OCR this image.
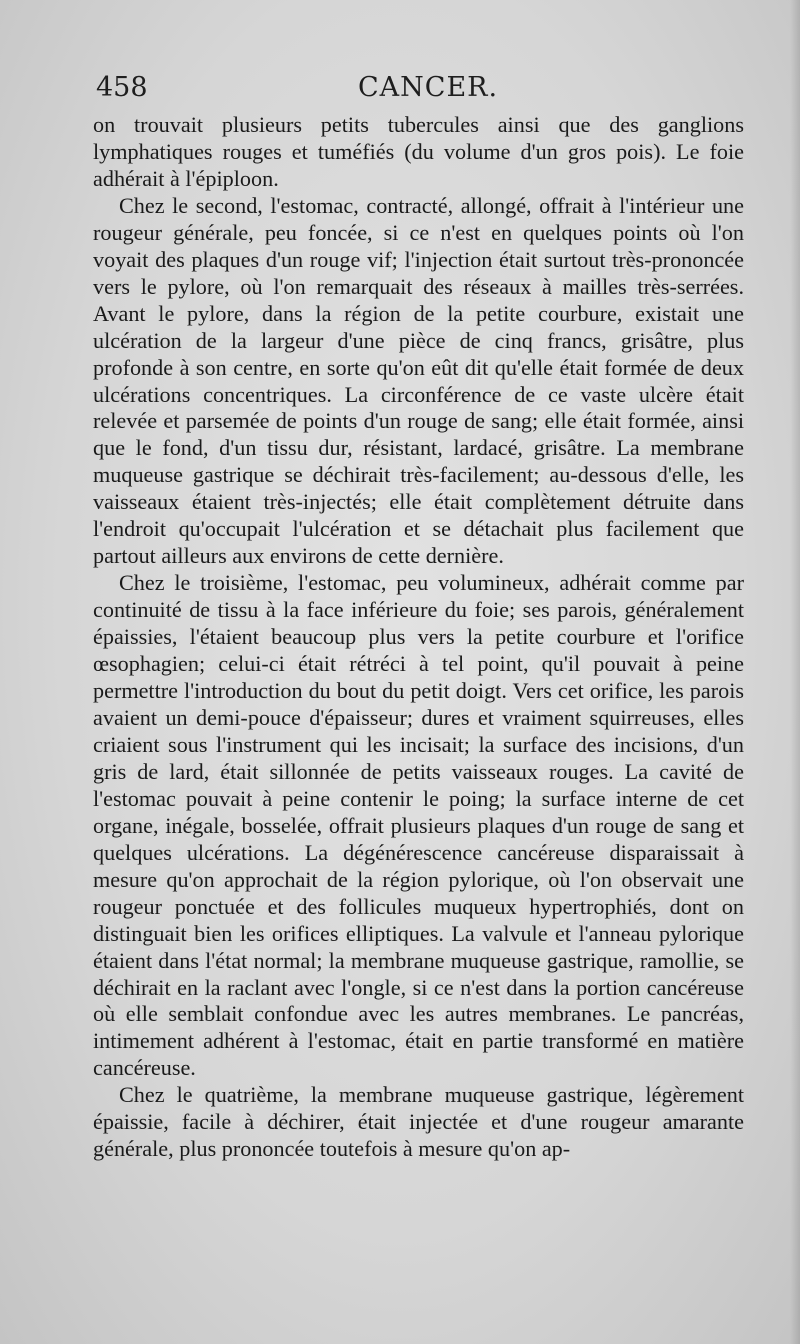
458	CANCER.

on trouvait plusieurs petits tubercules ainsi que des ganglions lymphatiques rouges et tuméfiés (du volume d'un gros pois). Le foie adhérait à l'épiploon.

Chez le second, l'estomac, contracté, allongé, offrait à l'intérieur une rougeur générale, peu foncée, si ce n'est en quelques points où l'on voyait des plaques d'un rouge vif; l'injection était surtout très-prononcée vers le pylore, où l'on remarquait des réseaux à mailles très-serrées. Avant le pylore, dans la région de la petite courbure, existait une ulcération de la largeur d'une pièce de cinq francs, grisâtre, plus profonde à son centre, en sorte qu'on eût dit qu'elle était formée de deux ulcérations concentriques. La circonférence de ce vaste ulcère était relevée et parsemée de points d'un rouge de sang; elle était formée, ainsi que le fond, d'un tissu dur, résistant, lardacé, grisâtre. La membrane muqueuse gastrique se déchirait très-facilement; au-dessous d'elle, les vaisseaux étaient très-injectés; elle était complètement détruite dans l'endroit qu'occupait l'ulcération et se détachait plus facilement que partout ailleurs aux environs de cette dernière.

Chez le troisième, l'estomac, peu volumineux, adhérait comme par continuité de tissu à la face inférieure du foie; ses parois, généralement épaissies, l'étaient beaucoup plus vers la petite courbure et l'orifice œsophagien; celui-ci était rétréci à tel point, qu'il pouvait à peine permettre l'introduction du bout du petit doigt. Vers cet orifice, les parois avaient un demi-pouce d'épaisseur; dures et vraiment squirreuses, elles criaient sous l'instrument qui les incisait; la surface des incisions, d'un gris de lard, était sillonnée de petits vaisseaux rouges. La cavité de l'estomac pouvait à peine contenir le poing; la surface interne de cet organe, inégale, bosselée, offrait plusieurs plaques d'un rouge de sang et quelques ulcérations. La dégénérescence cancéreuse disparaissait à mesure qu'on approchait de la région pylorique, où l'on observait une rougeur ponctuée et des follicules muqueux hypertrophiés, dont on distinguait bien les orifices elliptiques. La valvule et l'anneau pylorique étaient dans l'état normal; la membrane muqueuse gastrique, ramollie, se déchirait en la raclant avec l'ongle, si ce n'est dans la portion cancéreuse où elle semblait confondue avec les autres membranes. Le pancréas, intimement adhérent à l'estomac, était en partie transformé en matière cancéreuse.

Chez le quatrième, la membrane muqueuse gastrique, légèrement épaissie, facile à déchirer, était injectée et d'une rougeur amarante générale, plus prononcée toutefois à mesure qu'on ap-
